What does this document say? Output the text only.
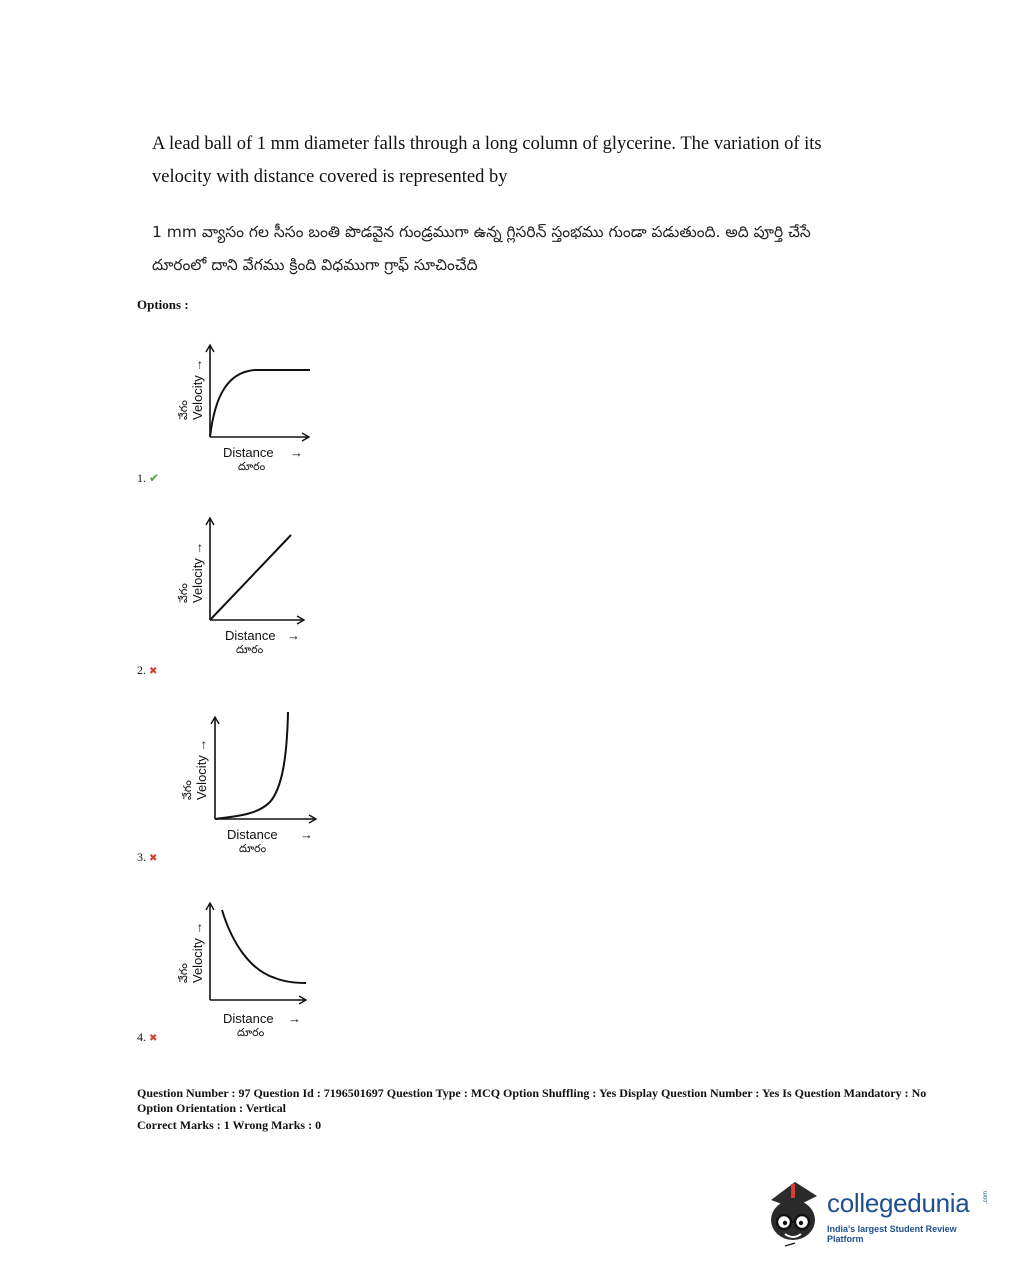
A lead ball of 1 mm diameter falls through a long column of glycerine. The variation of its velocity with distance covered is represented by
1 mm వ్యాసం గల సీసం బంతి పొడవైన గుండ్రముగా ఉన్న గ్లిసరిన్ స్తంభము గుండా పడుతుంది. అది పూర్తి చేసే దూరంలో దాని వేగము క్రింది విధముగా గ్రాఫ్ సూచించేది
Options :
Velocity →
వేగం
Distance →
దూరం
1. ✔
Velocity →
వేగం
Distance →
దూరం
2. ✖
Velocity →
వేగం
Distance →
దూరం
3. ✖
Velocity →
వేగం
Distance →
దూరం
4. ✖
Question Number : 97 Question Id : 7196501697 Question Type : MCQ Option Shuffling : Yes Display Question Number : Yes Is Question Mandatory : No Option Orientation : Vertical
Correct Marks : 1 Wrong Marks : 0
collegedunia .com
India's largest Student Review Platform
